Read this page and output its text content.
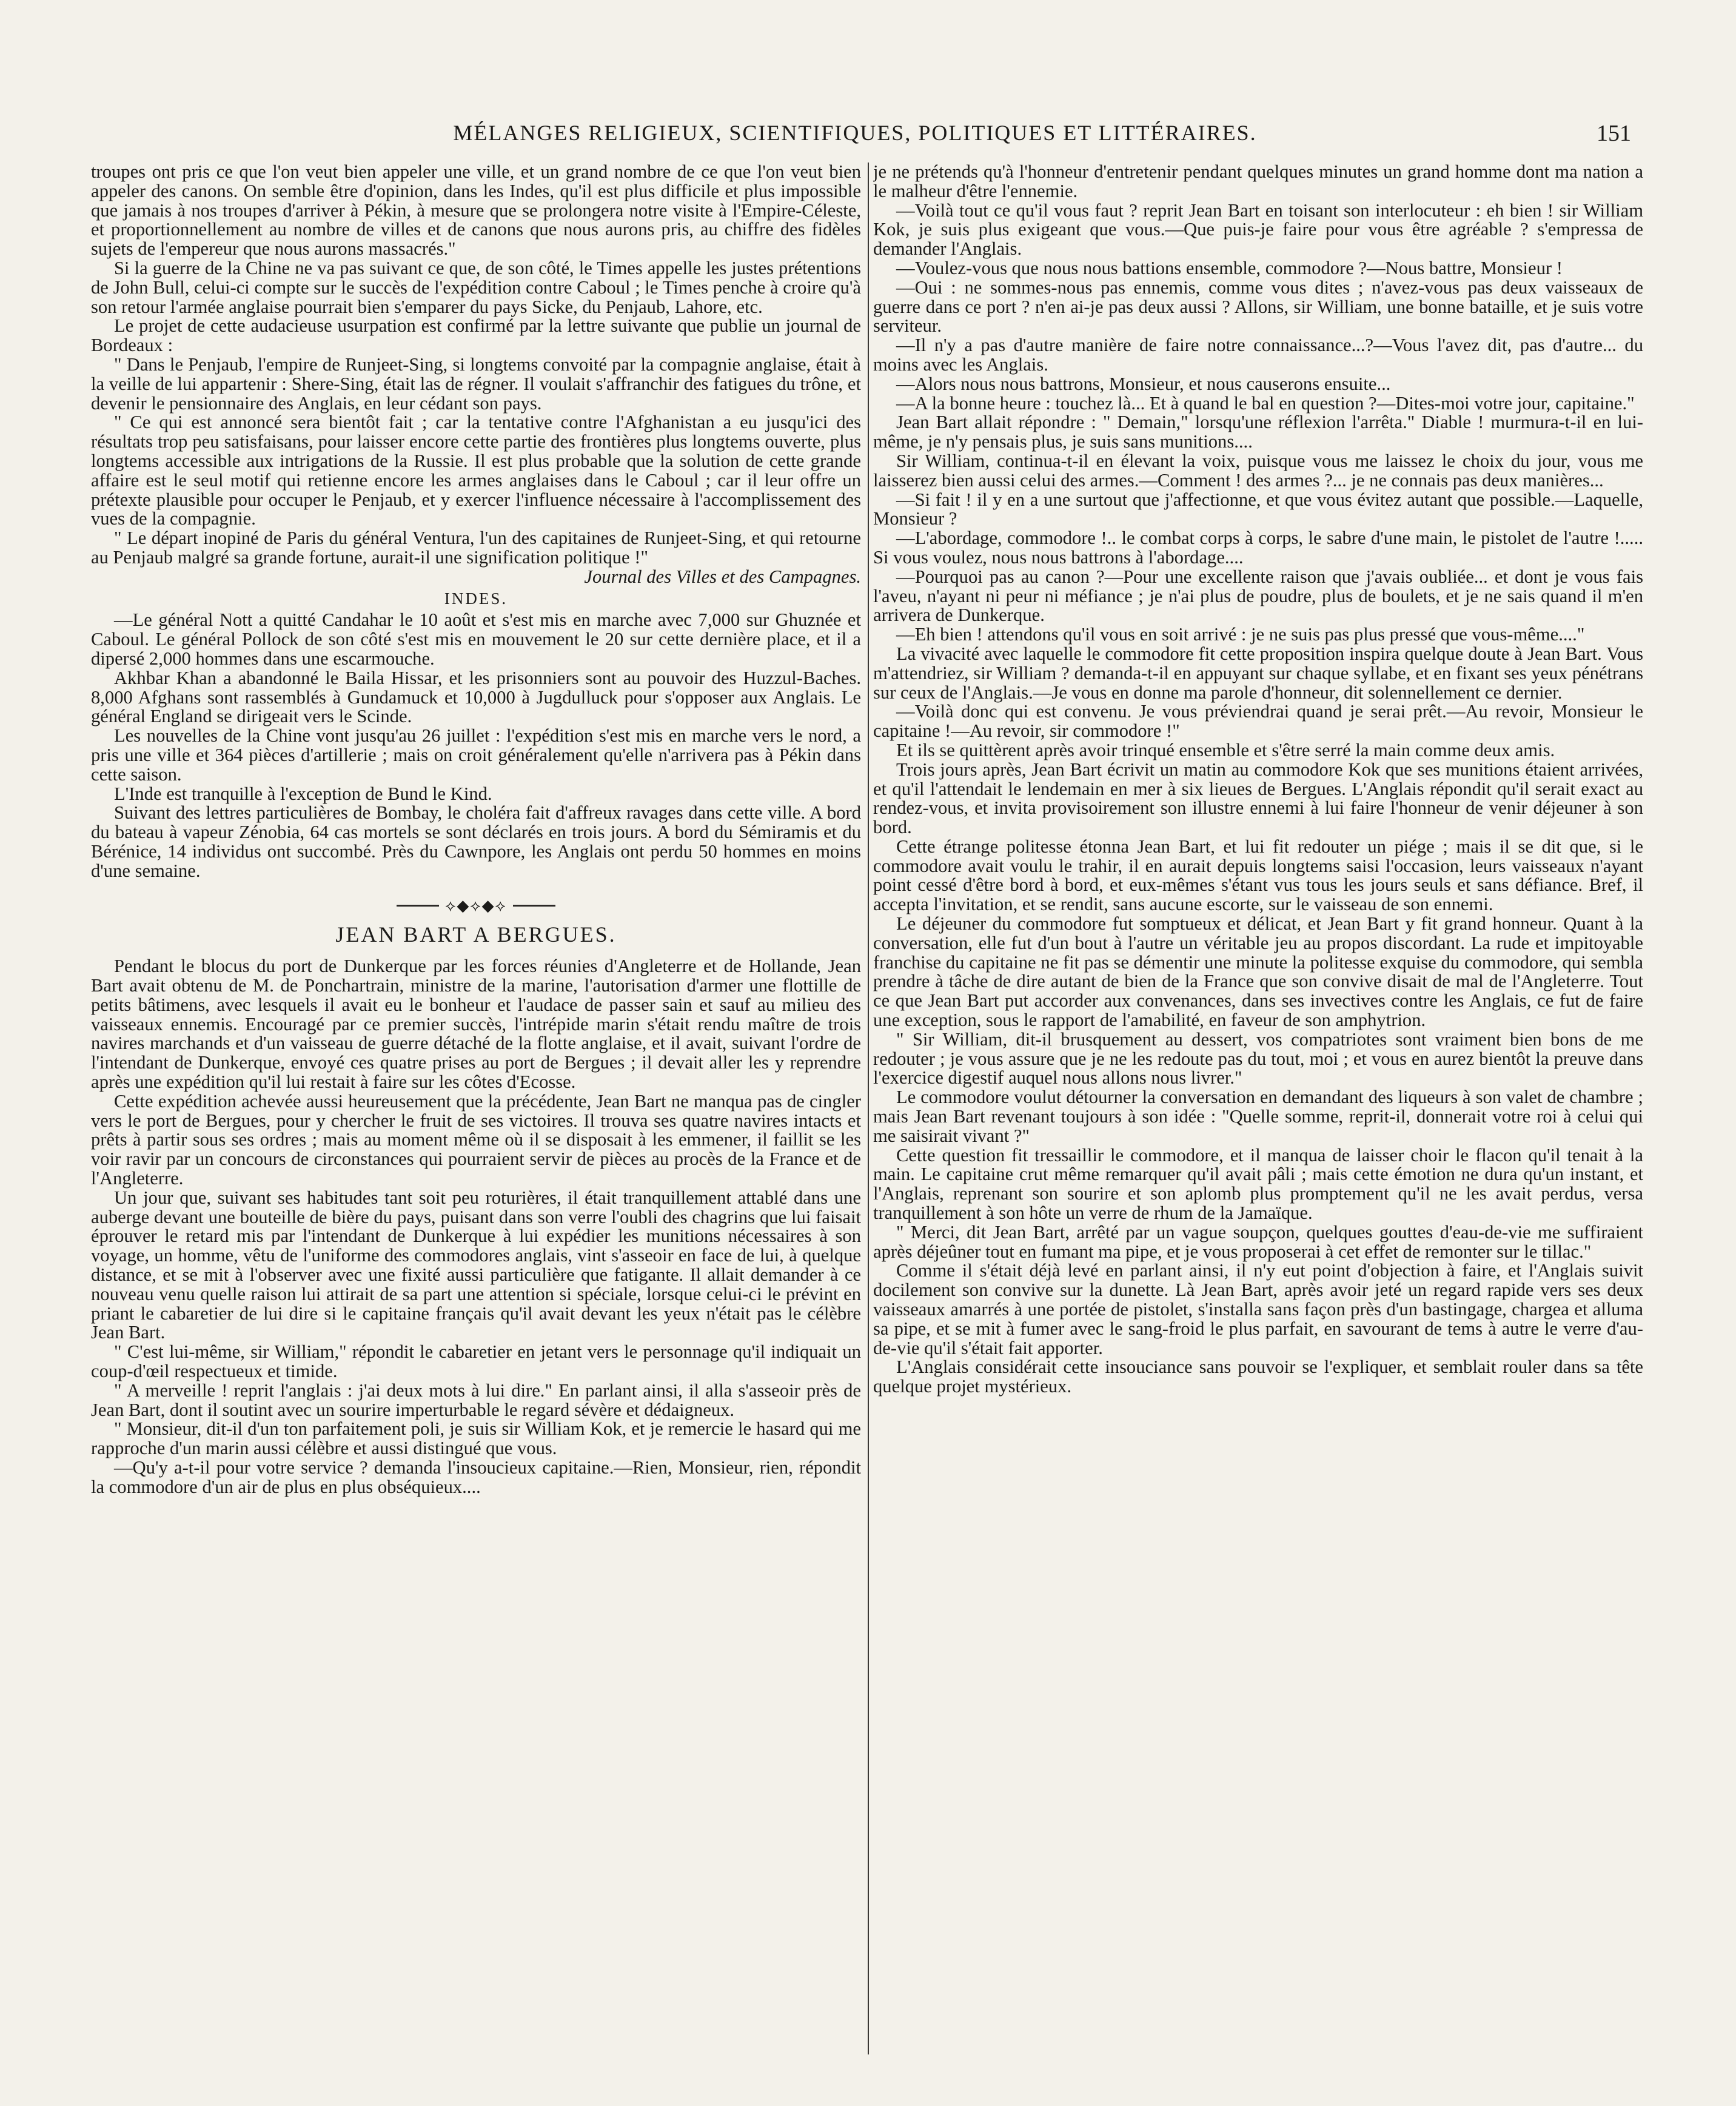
MÉLANGES RELIGIEUX, SCIENTIFIQUES, POLITIQUES ET LITTÉRAIRES.	151

troupes ont pris ce que l'on veut bien appeler une ville, et un grand nombre de ce que l'on veut bien appeler des canons. On semble être d'opinion, dans les Indes, qu'il est plus difficile et plus impossible que jamais à nos troupes d'arriver à Pékin, à mesure que se prolongera notre visite à l'Empire-Céleste, et proportionnellement au nombre de villes et de canons que nous aurons pris, au chiffre des fidèles sujets de l'empereur que nous aurons massacrés."

Si la guerre de la Chine ne va pas suivant ce que, de son côté, le Times appelle les justes prétentions de John Bull, celui-ci compte sur le succès de l'expédition contre Caboul ; le Times penche à croire qu'à son retour l'armée anglaise pourrait bien s'emparer du pays Sicke, du Penjaub, Lahore, etc.

Le projet de cette audacieuse usurpation est confirmé par la lettre suivante que publie un journal de Bordeaux :

" Dans le Penjaub, l'empire de Runjeet-Sing, si longtems convoité par la compagnie anglaise, était à la veille de lui appartenir : Shere-Sing, était las de régner. Il voulait s'affranchir des fatigues du trône, et devenir le pensionnaire des Anglais, en leur cédant son pays.

" Ce qui est annoncé sera bientôt fait ; car la tentative contre l'Afghanistan a eu jusqu'ici des résultats trop peu satisfaisans, pour laisser encore cette partie des frontières plus longtems ouverte, plus longtems accessible aux intrigations de la Russie. Il est plus probable que la solution de cette grande affaire est le seul motif qui retienne encore les armes anglaises dans le Caboul ; car il leur offre un prétexte plausible pour occuper le Penjaub, et y exercer l'influence nécessaire à l'accomplissement des vues de la compagnie.

" Le départ inopiné de Paris du général Ventura, l'un des capitaines de Runjeet-Sing, et qui retourne au Penjaub malgré sa grande fortune, aurait-il une signification politique !"

Journal des Villes et des Campagnes.

INDES.

—Le général Nott a quitté Candahar le 10 août et s'est mis en marche avec 7,000 sur Ghuznée et Caboul. Le général Pollock de son côté s'est mis en mouvement le 20 sur cette dernière place, et il a dipersé 2,000 hommes dans une escarmouche.

Akhbar Khan a abandonné le Baila Hissar, et les prisonniers sont au pouvoir des Huzzul-Baches. 8,000 Afghans sont rassemblés à Gundamuck et 10,000 à Jugdulluck pour s'opposer aux Anglais. Le général England se dirigeait vers le Scinde.

Les nouvelles de la Chine vont jusqu'au 26 juillet : l'expédition s'est mis en marche vers le nord, a pris une ville et 364 pièces d'artillerie ; mais on croit généralement qu'elle n'arrivera pas à Pékin dans cette saison.

L'Inde est tranquille à l'exception de Bund le Kind.

Suivant des lettres particulières de Bombay, le choléra fait d'affreux ravages dans cette ville. A bord du bateau à vapeur Zénobia, 64 cas mortels se sont déclarés en trois jours. A bord du Sémiramis et du Bérénice, 14 individus ont succombé. Près du Cawnpore, les Anglais ont perdu 50 hommes en moins d'une semaine.

⟡◆⟡◆⟡
JEAN BART A BERGUES.

Pendant le blocus du port de Dunkerque par les forces réunies d'Angleterre et de Hollande, Jean Bart avait obtenu de M. de Ponchartrain, ministre de la marine, l'autorisation d'armer une flottille de petits bâtimens, avec lesquels il avait eu le bonheur et l'audace de passer sain et sauf au milieu des vaisseaux ennemis. Encouragé par ce premier succès, l'intrépide marin s'était rendu maître de trois navires marchands et d'un vaisseau de guerre détaché de la flotte anglaise, et il avait, suivant l'ordre de l'intendant de Dunkerque, envoyé ces quatre prises au port de Bergues ; il devait aller les y reprendre après une expédition qu'il lui restait à faire sur les côtes d'Ecosse.

Cette expédition achevée aussi heureusement que la précédente, Jean Bart ne manqua pas de cingler vers le port de Bergues, pour y chercher le fruit de ses victoires. Il trouva ses quatre navires intacts et prêts à partir sous ses ordres ; mais au moment même où il se disposait à les emmener, il faillit se les voir ravir par un concours de circonstances qui pourraient servir de pièces au procès de la France et de l'Angleterre.

Un jour que, suivant ses habitudes tant soit peu roturières, il était tranquillement attablé dans une auberge devant une bouteille de bière du pays, puisant dans son verre l'oubli des chagrins que lui faisait éprouver le retard mis par l'intendant de Dunkerque à lui expédier les munitions nécessaires à son voyage, un homme, vêtu de l'uniforme des commodores anglais, vint s'asseoir en face de lui, à quelque distance, et se mit à l'observer avec une fixité aussi particulière que fatigante. Il allait demander à ce nouveau venu quelle raison lui attirait de sa part une attention si spéciale, lorsque celui-ci le prévint en priant le cabaretier de lui dire si le capitaine français qu'il avait devant les yeux n'était pas le célèbre Jean Bart.

" C'est lui-même, sir William," répondit le cabaretier en jetant vers le personnage qu'il indiquait un coup-d'œil respectueux et timide.

" A merveille ! reprit l'anglais : j'ai deux mots à lui dire." En parlant ainsi, il alla s'asseoir près de Jean Bart, dont il soutint avec un sourire imperturbable le regard sévère et dédaigneux.

" Monsieur, dit-il d'un ton parfaitement poli, je suis sir William Kok, et je remercie le hasard qui me rapproche d'un marin aussi célèbre et aussi distingué que vous.

—Qu'y a-t-il pour votre service ? demanda l'insoucieux capitaine.—Rien, Monsieur, rien, répondit la commodore d'un air de plus en plus obséquieux....

je ne prétends qu'à l'honneur d'entretenir pendant quelques minutes un grand homme dont ma nation a le malheur d'être l'ennemie.

—Voilà tout ce qu'il vous faut ? reprit Jean Bart en toisant son interlocuteur : eh bien ! sir William Kok, je suis plus exigeant que vous.—Que puis-je faire pour vous être agréable ? s'empressa de demander l'Anglais.

—Voulez-vous que nous nous battions ensemble, commodore ?—Nous battre, Monsieur !

—Oui : ne sommes-nous pas ennemis, comme vous dites ; n'avez-vous pas deux vaisseaux de guerre dans ce port ? n'en ai-je pas deux aussi ? Allons, sir William, une bonne bataille, et je suis votre serviteur.

—Il n'y a pas d'autre manière de faire notre connaissance...?—Vous l'avez dit, pas d'autre... du moins avec les Anglais.

—Alors nous nous battrons, Monsieur, et nous causerons ensuite...

—A la bonne heure : touchez là... Et à quand le bal en question ?—Dites-moi votre jour, capitaine."

Jean Bart allait répondre : " Demain," lorsqu'une réflexion l'arrêta." Diable ! murmura-t-il en lui-même, je n'y pensais plus, je suis sans munitions....

Sir William, continua-t-il en élevant la voix, puisque vous me laissez le choix du jour, vous me laisserez bien aussi celui des armes.—Comment ! des armes ?... je ne connais pas deux manières...

—Si fait ! il y en a une surtout que j'affectionne, et que vous évitez autant que possible.—Laquelle, Monsieur ?

—L'abordage, commodore !.. le combat corps à corps, le sabre d'une main, le pistolet de l'autre !..... Si vous voulez, nous nous battrons à l'abordage....

—Pourquoi pas au canon ?—Pour une excellente raison que j'avais oubliée... et dont je vous fais l'aveu, n'ayant ni peur ni méfiance ; je n'ai plus de poudre, plus de boulets, et je ne sais quand il m'en arrivera de Dunkerque.

—Eh bien ! attendons qu'il vous en soit arrivé : je ne suis pas plus pressé que vous-même...."

La vivacité avec laquelle le commodore fit cette proposition inspira quelque doute à Jean Bart. Vous m'attendriez, sir William ? demanda-t-il en appuyant sur chaque syllabe, et en fixant ses yeux pénétrans sur ceux de l'Anglais.—Je vous en donne ma parole d'honneur, dit solennellement ce dernier.

—Voilà donc qui est convenu. Je vous préviendrai quand je serai prêt.—Au revoir, Monsieur le capitaine !—Au revoir, sir commodore !"

Et ils se quittèrent après avoir trinqué ensemble et s'être serré la main comme deux amis.

Trois jours après, Jean Bart écrivit un matin au commodore Kok que ses munitions étaient arrivées, et qu'il l'attendait le lendemain en mer à six lieues de Bergues. L'Anglais répondit qu'il serait exact au rendez-vous, et invita provisoirement son illustre ennemi à lui faire l'honneur de venir déjeuner à son bord.

Cette étrange politesse étonna Jean Bart, et lui fit redouter un piége ; mais il se dit que, si le commodore avait voulu le trahir, il en aurait depuis longtems saisi l'occasion, leurs vaisseaux n'ayant point cessé d'être bord à bord, et eux-mêmes s'étant vus tous les jours seuls et sans défiance. Bref, il accepta l'invitation, et se rendit, sans aucune escorte, sur le vaisseau de son ennemi.

Le déjeuner du commodore fut somptueux et délicat, et Jean Bart y fit grand honneur. Quant à la conversation, elle fut d'un bout à l'autre un véritable jeu au propos discordant. La rude et impitoyable franchise du capitaine ne fit pas se démentir une minute la politesse exquise du commodore, qui sembla prendre à tâche de dire autant de bien de la France que son convive disait de mal de l'Angleterre. Tout ce que Jean Bart put accorder aux convenances, dans ses invectives contre les Anglais, ce fut de faire une exception, sous le rapport de l'amabilité, en faveur de son amphytrion.

" Sir William, dit-il brusquement au dessert, vos compatriotes sont vraiment bien bons de me redouter ; je vous assure que je ne les redoute pas du tout, moi ; et vous en aurez bientôt la preuve dans l'exercice digestif auquel nous allons nous livrer."

Le commodore voulut détourner la conversation en demandant des liqueurs à son valet de chambre ; mais Jean Bart revenant toujours à son idée : "Quelle somme, reprit-il, donnerait votre roi à celui qui me saisirait vivant ?"

Cette question fit tressaillir le commodore, et il manqua de laisser choir le flacon qu'il tenait à la main. Le capitaine crut même remarquer qu'il avait pâli ; mais cette émotion ne dura qu'un instant, et l'Anglais, reprenant son sourire et son aplomb plus promptement qu'il ne les avait perdus, versa tranquillement à son hôte un verre de rhum de la Jamaïque.

" Merci, dit Jean Bart, arrêté par un vague soupçon, quelques gouttes d'eau-de-vie me suffiraient après déjeûner tout en fumant ma pipe, et je vous proposerai à cet effet de remonter sur le tillac."

Comme il s'était déjà levé en parlant ainsi, il n'y eut point d'objection à faire, et l'Anglais suivit docilement son convive sur la dunette. Là Jean Bart, après avoir jeté un regard rapide vers ses deux vaisseaux amarrés à une portée de pistolet, s'installa sans façon près d'un bastingage, chargea et alluma sa pipe, et se mit à fumer avec le sang-froid le plus parfait, en savourant de tems à autre le verre d'au-de-vie qu'il s'était fait apporter.

L'Anglais considérait cette insouciance sans pouvoir se l'expliquer, et semblait rouler dans sa tête quelque projet mystérieux.
